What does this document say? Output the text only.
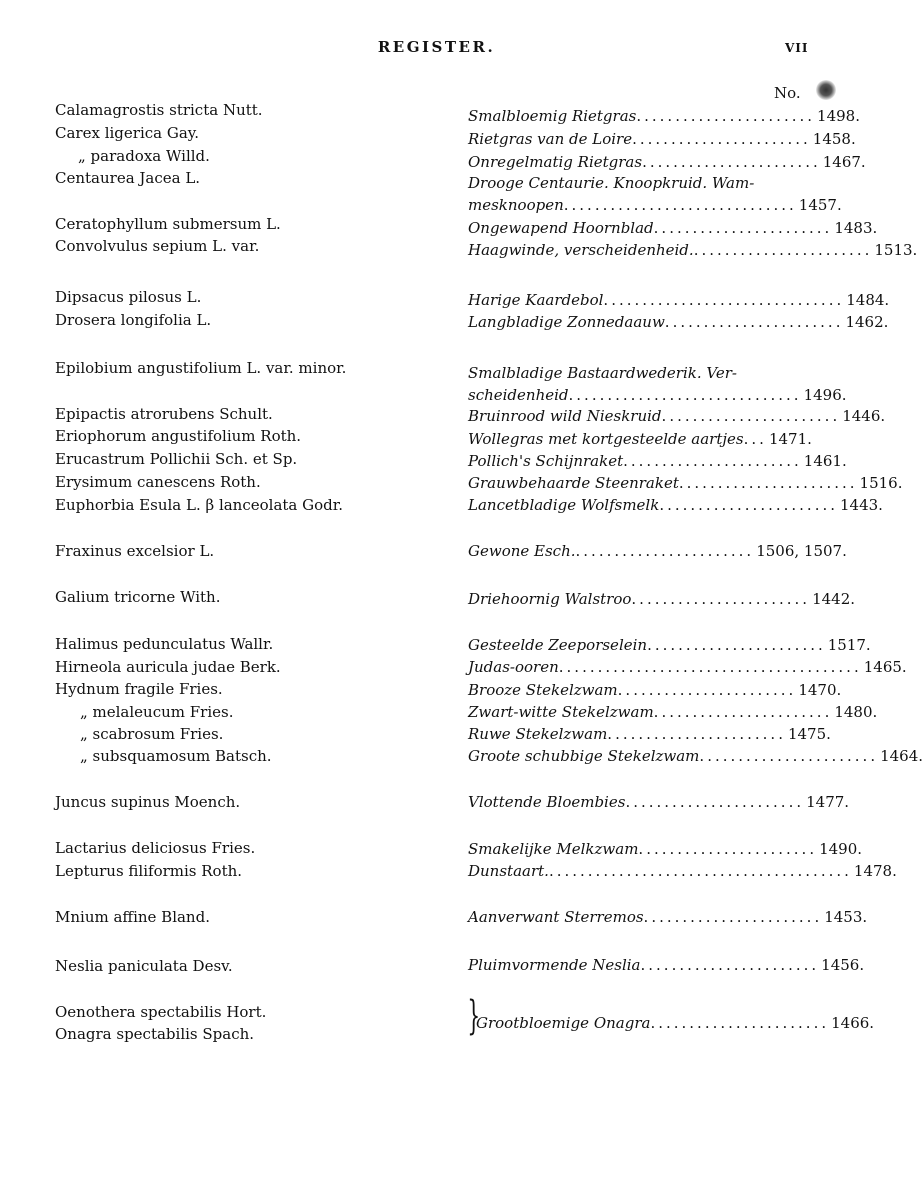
REGISTER.	VII
No.
Calamagrostis stricta Nutt.	Smalbloemig Rietgras ....................... 1498.
Carex ligerica Gay.	Rietgras van de Loire ....................... 1458.
„ paradoxa Willd.	Onregelmatig Rietgras ....................... 1467.
Centaurea Jacea L.	Drooge Centaurie. Knoopkruid. Wam-
mesknoopen .............................. 1457.
Ceratophyllum submersum L.	Ongewapend Hoornblad ....................... 1483.
Convolvulus sepium L. var.	Haagwinde, verscheidenheid. ....................... 1513.
Dipsacus pilosus L.	Harige Kaardebol ............................... 1484.
Drosera longifolia L.	Langbladige Zonnedaauw ....................... 1462.
Epilobium angustifolium L. var. minor.	Smalbladige Bastaardwederik. Ver-
scheidenheid .............................. 1496.
Epipactis atrorubens Schult.	Bruinrood wild Nieskruid ....................... 1446.
Eriophorum angustifolium Roth.	Wollegras met kortgesteelde aartjes ... 1471.
Erucastrum Pollichii Sch. et Sp.	Pollich's Schijnraket ....................... 1461.
Erysimum canescens Roth.	Grauwbehaarde Steenraket ....................... 1516.
Euphorbia Esula L. β lanceolata Godr.	Lancetbladige Wolfsmelk ....................... 1443.
Fraxinus excelsior L.	Gewone Esch. ....................... 1506, 1507.
Galium tricorne With.	Driehoornig Walstroo ....................... 1442.
Halimus pedunculatus Wallr.	Gesteelde Zeeporselein ....................... 1517.
Hirneola auricula judae Berk.	Judas-ooren ....................................... 1465.
Hydnum fragile Fries.	Brooze Stekelzwam ....................... 1470.
„ melaleucum Fries.	Zwart-witte Stekelzwam ....................... 1480.
„ scabrosum Fries.	Ruwe Stekelzwam ....................... 1475.
„ subsquamosum Batsch.	Groote schubbige Stekelzwam ....................... 1464.
Juncus supinus Moench.	Vlottende Bloembies ....................... 1477.
Lactarius deliciosus Fries.	Smakelijke Melkzwam ....................... 1490.
Lepturus filiformis Roth.	Dunstaart. ....................................... 1478.
Mnium affine Bland.	Aanverwant Sterremos ....................... 1453.
Neslia paniculata Desv.	Pluimvormende Neslia ....................... 1456.
Oenothera spectabilis Hort.
Onagra spectabilis Spach.	}
Grootbloemige Onagra ....................... 1466.
